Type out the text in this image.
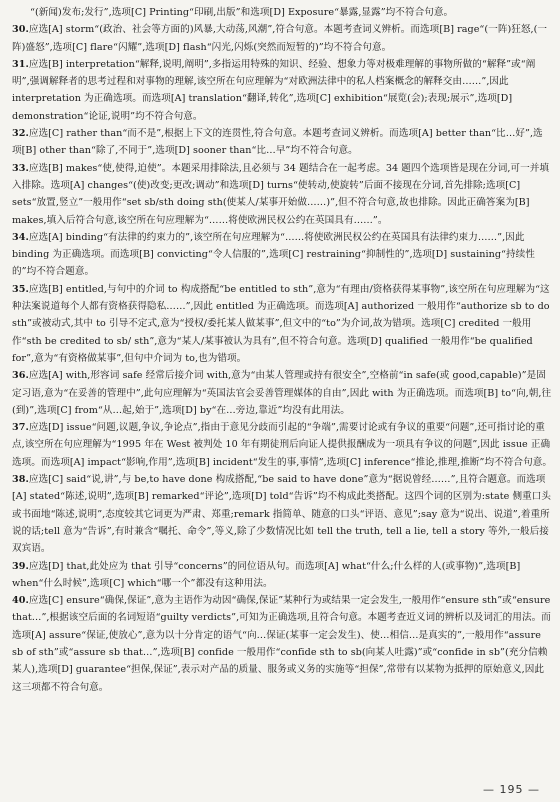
“(新闻)发布;发行”,选项[C] Printing“印刷,出版”和选项[D] Exposure“暴露,显露”均不符合句意。

30.应选[A] storm“(政治、社会等方面的)风暴,大动荡,风潮”,符合句意。本题考查词义辨析。而选项[B] rage“(一阵)狂怒,(一阵)盛怒”,选项[C] flare“闪耀”,选项[D] flash“闪光,闪烁(突然而短暂的)”均不符合句意。

31.应选[B] interpretation“解释,说明,阐明”,多指运用特殊的知识、经验、想象力等对极难理解的事物所做的“解释”或“阐明”,强调解释者的思考过程和对事物的理解,该空所在句应理解为“对欧洲法律中的私人档案概念的解释交由……”,因此 interpretation 为正确选项。而选项[A] translation“翻译,转化”,选项[C] exhibition“展览(会);表现;展示”,选项[D] demonstration“论证,说明”均不符合句意。

32.应选[C] rather than“而不是”,根据上下文的连贯性,符合句意。本题考查词义辨析。而选项[A] better than“比…好”,选项[B] other than“除了,不同于”,选项[D] sooner than“比…早”均不符合句意。

33.应选[B] makes“使,使得,迫使”。本题采用排除法,且必须与 34 题结合在一起考虑。34 题四个选项皆是现在分词,可一并填入排除。选项[A] changes“(使)改变;更改;调动”和选项[D] turns“使转动,使旋转”后面不接现在分词,首先排除;选项[C] sets“放置,竖立”一般用作“set sb/sth doing sth(使某人/某事开始做……)”,但不符合句意,故也排除。因此正确答案为[B] makes,填入后符合句意,该空所在句应理解为“……将使欧洲民权公约在英国具有……”。

34.应选[A] binding“有法律的约束力的”,该空所在句应理解为“……将使欧洲民权公约在英国具有法律约束力……”,因此 binding 为正确选项。而选项[B] convicting“令人信服的”,选项[C] restraining“抑制性的”,选项[D] sustaining“持续性的”均不符合题意。

35.应选[B] entitled,与句中的介词 to 构成搭配“be entitled to sth”,意为“有理由/资格获得某事物”,该空所在句应理解为“这种法案说道每个人都有资格获得隐私……”,因此 entitled 为正确选项。而选项[A] authorized 一般用作“authorize sb to do sth”或被动式,其中 to 引导不定式,意为“授权/委托某人做某事”,但文中的“to”为介词,故为错项。选项[C] credited 一般用作“sth be credited to sb/ sth”,意为“某人/某事被认为具有”,但不符合句意。选项[D] qualified 一般用作“be qualified for”,意为“有资格做某事”,但句中介词为 to,也为错项。

36.应选[A] with,形容词 safe 经常后接介词 with,意为“由某人管理或持有很安全”,空格前“in safe(或 good,capable)”是固定习语,意为“在妥善的管理中”,此句应理解为“英国法官会妥善管理媒体的自由”,因此 with 为正确选项。而选项[B] to“向,朝,往(到)”,选项[C] from“从…起,始于”,选项[D] by“在…旁边,靠近”均没有此用法。

37.应选[D] issue“问题,议题,争议,争论点”,指由于意见分歧而引起的“争端”,需要讨论或有争议的重要“问题”,还可指讨论的重点,该空所在句应理解为“1995 年在 West 被判处 10 年有期徒刑后向证人提供报酬成为一项具有争议的问题”,因此 issue 正确选项。而选项[A] impact“影响,作用”,选项[B] incident“发生的事,事情”,选项[C] inference“推论,推理,推断”均不符合句意。

38.应选[C] said“说,讲”,与 be,to have done 构成搭配,“be said to have done”意为“据说曾经……”,且符合题意。而选项[A] stated“陈述,说明”,选项[B] remarked“评论”,选项[D] told“告诉”均不构成此类搭配。这四个词的区别为:state 侧重口头或书面地“陈述,说明”,态度较其它词更为严肃、郑重;remark 指简单、随意的口头“评语、意见”;say 意为“说出、说道”,着重所说的话;tell 意为“告诉”,有时兼含“嘱托、命令”,等义,除了少数情况比如 tell the truth, tell a lie, tell a story 等外,一般后接双宾语。

39.应选[D] that,此处应为 that 引导“concerns”的同位语从句。而选项[A] what“什么;什么样的人(或事物)”,选项[B] when“什么时候”,选项[C] which“哪一个”都没有这种用法。

40.应选[C] ensure“确保,保证”,意为主语作为动因“确保,保证”某种行为或结果一定会发生,一般用作“ensure sth”或“ensure that…”,根据该空后面的名词短语“guilty verdicts”,可知为正确选项,且符合句意。本题考查近义词的辨析以及词汇的用法。而选项[A] assure“保证,使放心”,意为以十分肯定的语气“向…保证(某事一定会发生)、使…相信…是真实的”,一般用作“assure sb of sth”或“assure sb that…”,选项[B] confide 一般用作“confide sth to sb(向某人吐露)”或“confide in sb”(充分信赖某人),选项[D] guarantee“担保,保证”,表示对产品的质量、服务或义务的实施等“担保”,常带有以某物为抵押的原始意义,因此这三项都不符合句意。

— 195 —
